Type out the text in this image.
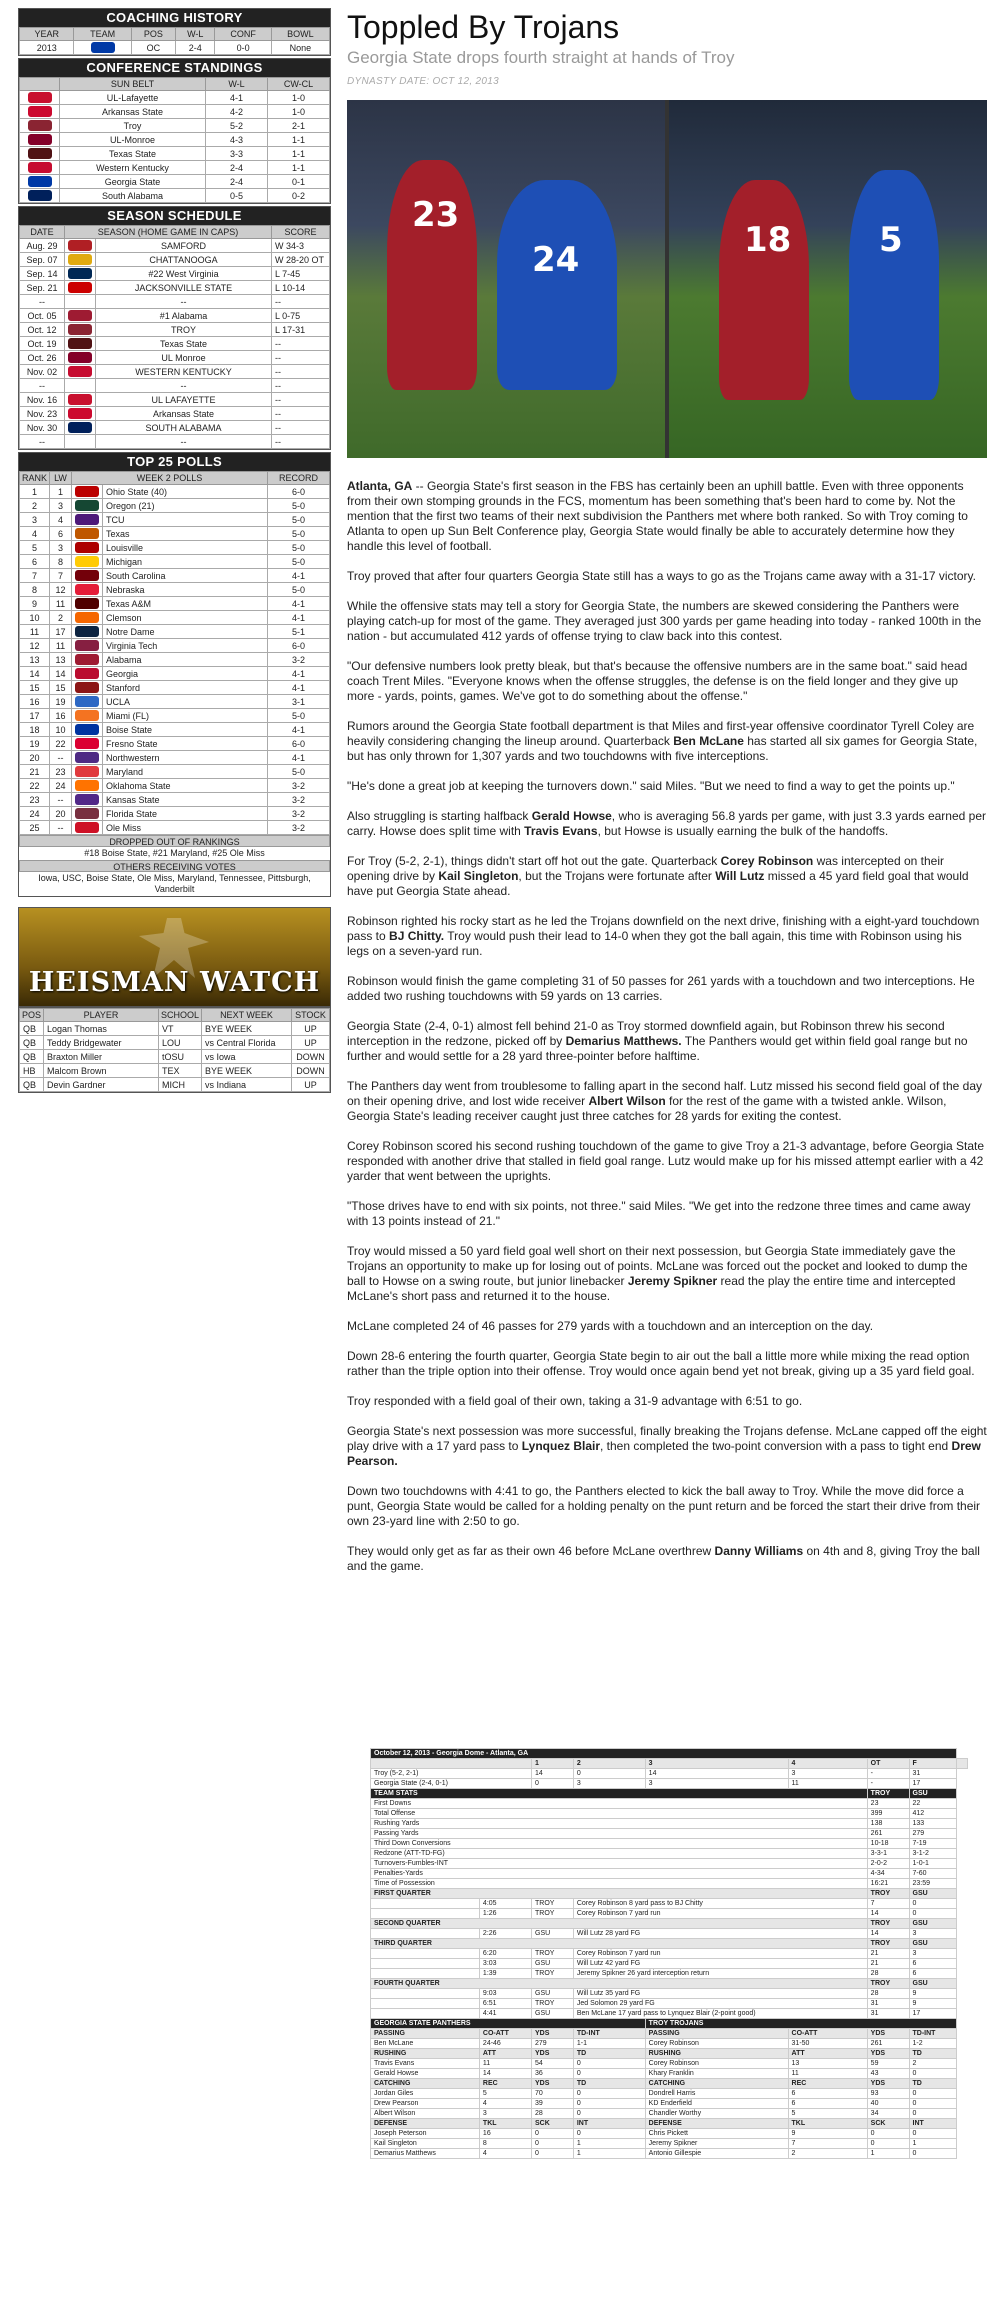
COACHING HISTORY
YEAR	TEAM	POS	W-L	CONF	BOWL
2013		OC	2-4	0-0	None
CONFERENCE STANDINGS
	SUN BELT	W-L	CW-CL
	UL-Lafayette	4-1	1-0
	Arkansas State	4-2	1-0
	Troy	5-2	2-1
	UL-Monroe	4-3	1-1
	Texas State	3-3	1-1
	Western Kentucky	2-4	1-1
	Georgia State	2-4	0-1
	South Alabama	0-5	0-2
SEASON SCHEDULE
DATE	SEASON (HOME GAME IN CAPS)		SCORE
Aug. 29		SAMFORD	W 34-3
Sep. 07		CHATTANOOGA	W 28-20 OT
Sep. 14		#22 West Virginia	L 7-45
Sep. 21		JACKSONVILLE STATE	L 10-14
--		--	--
Oct. 05		#1 Alabama	L 0-75
Oct. 12		TROY	L 17-31
Oct. 19		Texas State	--
Oct. 26		UL Monroe	--
Nov. 02		WESTERN KENTUCKY	--
--		--	--
Nov. 16		UL LAFAYETTE	--
Nov. 23		Arkansas State	--
Nov. 30		SOUTH ALABAMA	--
--		--	--
TOP 25 POLLS
RANK	LW	WEEK 2 POLLS		RECORD
1	1		Ohio State (40)	6-0
2	3		Oregon (21)	5-0
3	4		TCU	5-0
4	6		Texas	5-0
5	3		Louisville	5-0
6	8		Michigan	5-0
7	7		South Carolina	4-1
8	12		Nebraska	5-0
9	11		Texas A&M	4-1
10	2		Clemson	4-1
11	17		Notre Dame	5-1
12	11		Virginia Tech	6-0
13	13		Alabama	3-2
14	14		Georgia	4-1
15	15		Stanford	4-1
16	19		UCLA	3-1
17	16		Miami (FL)	5-0
18	10		Boise State	4-1
19	22		Fresno State	6-0
20	--		Northwestern	4-1
21	23		Maryland	5-0
22	24		Oklahoma State	3-2
23	--		Kansas State	3-2
24	20		Florida State	3-2
25	--		Ole Miss	3-2
DROPPED OUT OF RANKINGS
#18 Boise State, #21 Maryland, #25 Ole Miss
OTHERS RECEIVING VOTES
Iowa, USC, Boise State, Ole Miss, Maryland, Tennessee, Pittsburgh, Vanderbilt
HEISMAN WATCH
POS	PLAYER	SCHOOL	NEXT WEEK	STOCK
QB	Logan Thomas	VT	BYE WEEK	UP
QB	Teddy Bridgewater	LOU	vs Central Florida	UP
QB	Braxton Miller	tOSU	vs Iowa	DOWN
HB	Malcom Brown	TEX	BYE WEEK	DOWN
QB	Devin Gardner	MICH	vs Indiana	UP
Toppled By Trojans
Georgia State drops fourth straight at hands of Troy
DYNASTY DATE: OCT 12, 2013
23
24	18	5

Atlanta, GA -- Georgia State's first season in the FBS has certainly been an uphill battle. Even with three opponents from their own stomping grounds in the FCS, momentum has been something that's been hard to come by. Not the mention that the first two teams of their next subdivision the Panthers met where both ranked. So with Troy coming to Atlanta to open up Sun Belt Conference play, Georgia State would finally be able to accurately determine how they handle this level of football.

Troy proved that after four quarters Georgia State still has a ways to go as the Trojans came away with a 31-17 victory.

While the offensive stats may tell a story for Georgia State, the numbers are skewed considering the Panthers were playing catch-up for most of the game. They averaged just 300 yards per game heading into today - ranked 100th in the nation - but accumulated 412 yards of offense trying to claw back into this contest.

"Our defensive numbers look pretty bleak, but that's because the offensive numbers are in the same boat." said head coach Trent Miles. "Everyone knows when the offense struggles, the defense is on the field longer and they give up more - yards, points, games. We've got to do something about the offense."

Rumors around the Georgia State football department is that Miles and first-year offensive coordinator Tyrell Coley are heavily considering changing the lineup around. Quarterback Ben McLane has started all six games for Georgia State, but has only thrown for 1,307 yards and two touchdowns with five interceptions.

"He's done a great job at keeping the turnovers down." said Miles. "But we need to find a way to get the points up."

Also struggling is starting halfback Gerald Howse, who is averaging 56.8 yards per game, with just 3.3 yards earned per carry. Howse does split time with Travis Evans, but Howse is usually earning the bulk of the handoffs.

For Troy (5-2, 2-1), things didn't start off hot out the gate. Quarterback Corey Robinson was intercepted on their opening drive by Kail Singleton, but the Trojans were fortunate after Will Lutz missed a 45 yard field goal that would have put Georgia State ahead.

Robinson righted his rocky start as he led the Trojans downfield on the next drive, finishing with a eight-yard touchdown pass to BJ Chitty. Troy would push their lead to 14-0 when they got the ball again, this time with Robinson using his legs on a seven-yard run.

Robinson would finish the game completing 31 of 50 passes for 261 yards with a touchdown and two interceptions. He added two rushing touchdowns with 59 yards on 13 carries.

Georgia State (2-4, 0-1) almost fell behind 21-0 as Troy stormed downfield again, but Robinson threw his second interception in the redzone, picked off by Demarius Matthews. The Panthers would get within field goal range but no further and would settle for a 28 yard three-pointer before halftime.

The Panthers day went from troublesome to falling apart in the second half. Lutz missed his second field goal of the day on their opening drive, and lost wide receiver Albert Wilson for the rest of the game with a twisted ankle. Wilson, Georgia State's leading receiver caught just three catches for 28 yards for exiting the contest.

Corey Robinson scored his second rushing touchdown of the game to give Troy a 21-3 advantage, before Georgia State responded with another drive that stalled in field goal range. Lutz would make up for his missed attempt earlier with a 42 yarder that went between the uprights.

"Those drives have to end with six points, not three." said Miles. "We get into the redzone three times and came away with 13 points instead of 21."

Troy would missed a 50 yard field goal well short on their next possession, but Georgia State immediately gave the Trojans an opportunity to make up for losing out of points. McLane was forced out the pocket and looked to dump the ball to Howse on a swing route, but junior linebacker Jeremy Spikner read the play the entire time and intercepted McLane's short pass and returned it to the house.

McLane completed 24 of 46 passes for 279 yards with a touchdown and an interception on the day.

Down 28-6 entering the fourth quarter, Georgia State begin to air out the ball a little more while mixing the read option rather than the triple option into their offense. Troy would once again bend yet not break, giving up a 35 yard field goal.

Troy responded with a field goal of their own, taking a 31-9 advantage with 6:51 to go.

Georgia State's next possession was more successful, finally breaking the Trojans defense. McLane capped off the eight play drive with a 17 yard pass to Lynquez Blair, then completed the two-point conversion with a pass to tight end Drew Pearson.

Down two touchdowns with 4:41 to go, the Panthers elected to kick the ball away to Troy. While the move did force a punt, Georgia State would be called for a holding penalty on the punt return and be forced the start their drive from their own 23-yard line with 2:50 to go.

They would only get as far as their own 46 before McLane overthrew Danny Williams on 4th and 8, giving Troy the ball and the game.

October 12, 2013 - Georgia Dome - Atlanta, GA								
		1	2	3	4	OT	F	
Troy (5-2, 2-1)		14	0	14	3	-	31	
Georgia State (2-4, 0-1)		0	3	3	11	-	17	
TEAM STATS						TROY	GSU	
First Downs						23	22	
Total Offense						399	412	
Rushing Yards						138	133	
Passing Yards						261	279	
Third Down Conversions						10-18	7-19	
Redzone (ATT-TD-FG)						3-3-1	3-1-2	
Turnovers-Fumbles-INT						2-0-2	1-0-1	
Penalties-Yards						4-34	7-60	
Time of Possession						16:21	23:59	
FIRST QUARTER						TROY	GSU	
	4:05	TROY	Corey Robinson 8 yard pass to BJ Chitty			7	0	
	1:26	TROY	Corey Robinson 7 yard run			14	0	
SECOND QUARTER						TROY	GSU	
	2:26	GSU	Will Lutz 28 yard FG			14	3	
THIRD QUARTER						TROY	GSU	
	6:20	TROY	Corey Robinson 7 yard run			21	3	
	3:03	GSU	Will Lutz 42 yard FG			21	6	
	1:39	TROY	Jeremy Spikner 26 yard interception return			28	6	
FOURTH QUARTER						TROY	GSU	
	9:03	GSU	Will Lutz 35 yard FG			28	9	
	6:51	TROY	Jed Solomon 29 yard FG			31	9	
	4:41	GSU	Ben McLane 17 yard pass to Lynquez Blair (2-point good)			31	17	
GEORGIA STATE PANTHERS				TROY TROJANS				
PASSING	CO-ATT	YDS	TD-INT	PASSING	CO-ATT	YDS	TD-INT	
Ben McLane	24-46	279	1-1	Corey Robinson	31-50	261	1-2	
RUSHING	ATT	YDS	TD	RUSHING	ATT	YDS	TD	
Travis Evans	11	54	0	Corey Robinson	13	59	2	
Gerald Howse	14	36	0	Khary Franklin	11	43	0	
CATCHING	REC	YDS	TD	CATCHING	REC	YDS	TD	
Jordan Giles	5	70	0	Dondrell Harris	6	93	0	
Drew Pearson	4	39	0	KD Enderfield	6	40	0	
Albert Wilson	3	28	0	Chandler Worthy	5	34	0	
DEFENSE	TKL	SCK	INT	DEFENSE	TKL	SCK	INT	
Joseph Peterson	16	0	0	Chris Pickett	9	0	0	
Kail Singleton	8	0	1	Jeremy Spikner	7	0	1	
Demarius Matthews	4	0	1	Antonio Gillespie	2	1	0	
